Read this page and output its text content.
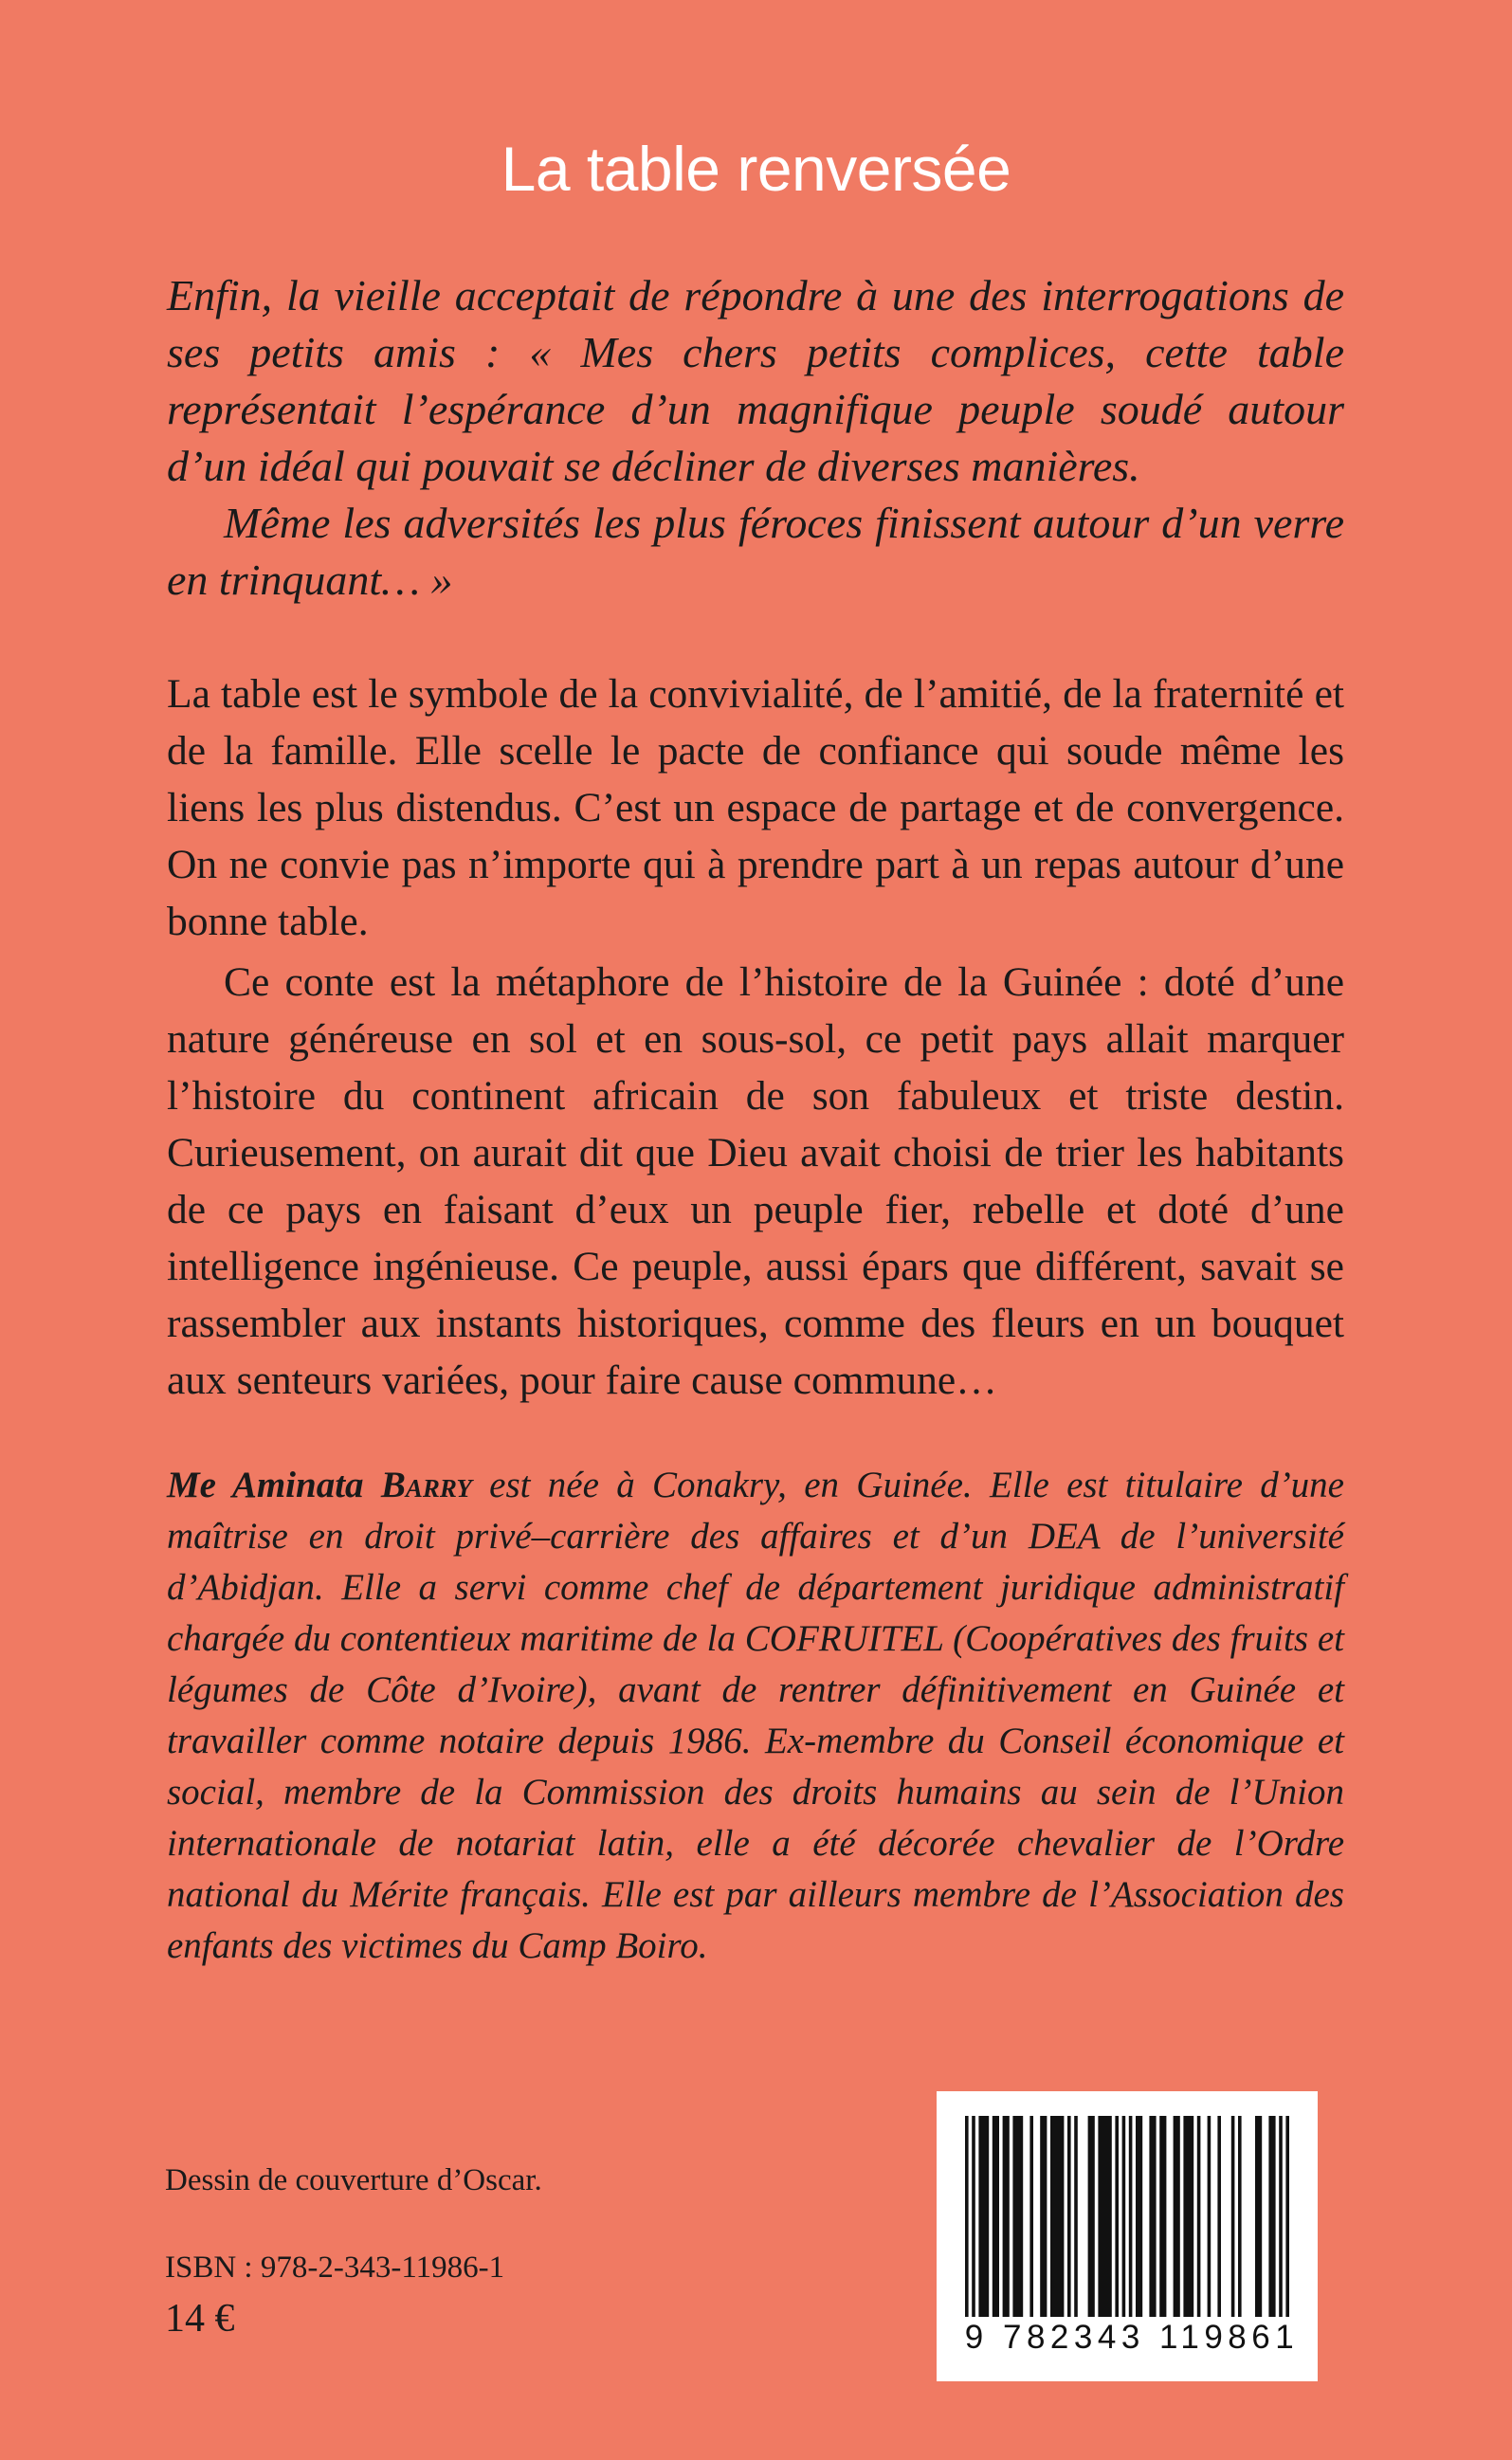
La table renversée

Enfin, la vieille acceptait de répondre à une des interrogations de ses petits amis : « Mes chers petits complices, cette table représentait l’espérance d’un magnifique peuple soudé autour d’un idéal qui pouvait se décliner de diverses manières.

Même les adversités les plus féroces finissent autour d’un verre en trinquant… »

La table est le symbole de la convivialité, de l’amitié, de la fraternité et de la famille. Elle scelle le pacte de confiance qui soude même les liens les plus distendus. C’est un espace de partage et de convergence. On ne convie pas n’importe qui à prendre part à un repas autour d’une bonne table.

Ce conte est la métaphore de l’histoire de la Guinée : doté d’une nature généreuse en sol et en sous-sol, ce petit pays allait marquer l’histoire du continent africain de son fabuleux et triste destin. Curieusement, on aurait dit que Dieu avait choisi de trier les habitants de ce pays en faisant d’eux un peuple fier, rebelle et doté d’une intelligence ingénieuse. Ce peuple, aussi épars que différent, savait se rassembler aux instants historiques, comme des fleurs en un bouquet aux senteurs variées, pour faire cause commune…

Me Aminata Barry est née à Conakry, en Guinée. Elle est titulaire d’une maîtrise en droit privé–carrière des affaires et d’un DEA de l’université d’Abidjan. Elle a servi comme chef de département juridique administratif chargée du contentieux maritime de la COFRUITEL (Coopératives des fruits et légumes de Côte d’Ivoire), avant de rentrer définitivement en Guinée et travailler comme notaire depuis 1986. Ex-membre du Conseil économique et social, membre de la Commission des droits humains au sein de l’Union internationale de notariat latin, elle a été décorée chevalier de l’Ordre national du Mérite français. Elle est par ailleurs membre de l’Association des enfants des victimes du Camp Boiro.

Dessin de couverture d’Oscar.
ISBN : 978-2-343-11986-1
14 €	9 782343 119861
